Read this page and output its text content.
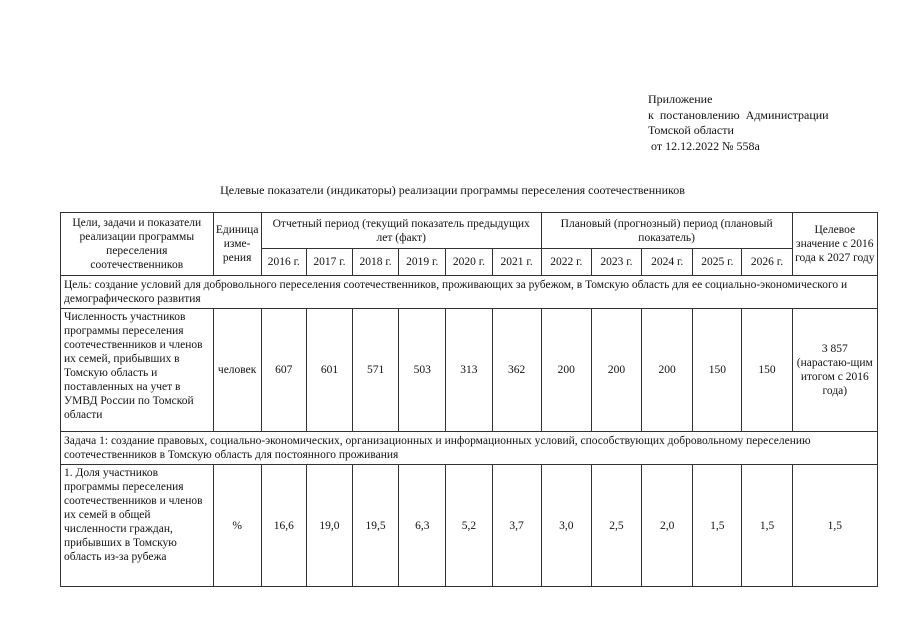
Приложение
к  постановлению  Администрации
Томской области
от 12.12.2022 № 558а
Целевые показатели (индикаторы) реализации программы переселения соотечественников
Цели, задачи и показатели реализации программы переселения соотечественников	Единица изме-рения	Отчетный период (текущий показатель предыдущих лет (факт)						Плановый (прогнозный) период (плановый показатель)					Целевое значение с 2016 года к 2027 году
		2016 г.	2017 г.	2018 г.	2019 г.	2020 г.	2021 г.	2022 г.	2023 г.	2024 г.	2025 г.	2026 г.	
Цель: создание условий для добровольного переселения соотечественников, проживающих за рубежом, в Томскую область для ее социально-экономического и демографического развития													
Численность участников программы переселения соотечественников и членов их семей, прибывших в Томскую область и поставленных на учет в УМВД России по Томской области	человек	607	601	571	503	313	362	200	200	200	150	150	3 857 (нарастаю-щим итогом с 2016 года)
Задача 1: создание правовых, социально-экономических, организационных и информационных условий, способствующих добровольному переселению соотечественников в Томскую область для постоянного проживания													
1. Доля участников программы переселения соотечественников и членов их семей в общей численности граждан, прибывших в Томскую область из-за рубежа	%	16,6	19,0	19,5	6,3	5,2	3,7	3,0	2,5	2,0	1,5	1,5	1,5
